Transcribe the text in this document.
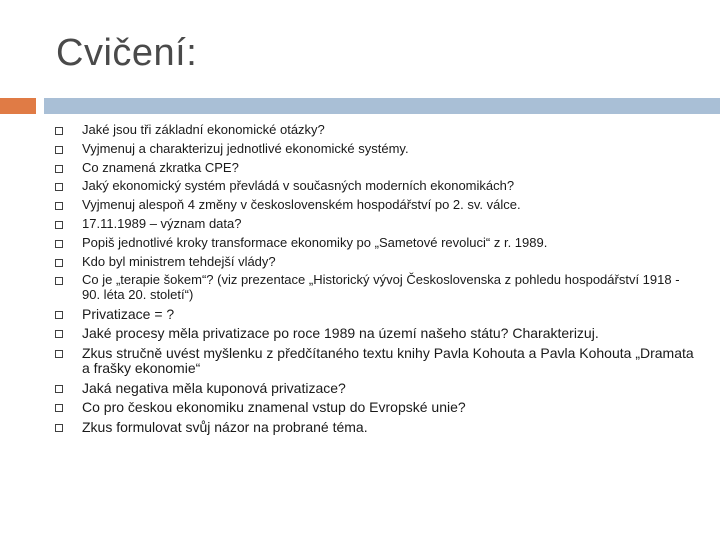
Cvičení:
Jaké jsou tři základní ekonomické otázky?
Vyjmenuj a charakterizuj jednotlivé ekonomické systémy.
Co znamená zkratka CPE?
Jaký ekonomický systém převládá v současných moderních ekonomikách?
Vyjmenuj alespoň 4 změny v československém hospodářství po 2. sv. válce.
17.11.1989 – význam data?
Popiš jednotlivé kroky transformace ekonomiky po „Sametové revoluci“ z r. 1989.
Kdo byl ministrem tehdejší vlády?
Co je „terapie šokem“? (viz prezentace „Historický vývoj Československa z pohledu hospodářství 1918 - 90. léta 20. století“)
Privatizace = ?
Jaké procesy měla privatizace po roce 1989 na území našeho státu? Charakterizuj.
Zkus stručně uvést myšlenku z předčítaného textu knihy Pavla Kohouta a Pavla Kohouta „Dramata a frašky ekonomie“
Jaká negativa měla kuponová privatizace?
Co pro českou ekonomiku znamenal vstup do Evropské unie?
Zkus formulovat svůj názor na probrané téma.
